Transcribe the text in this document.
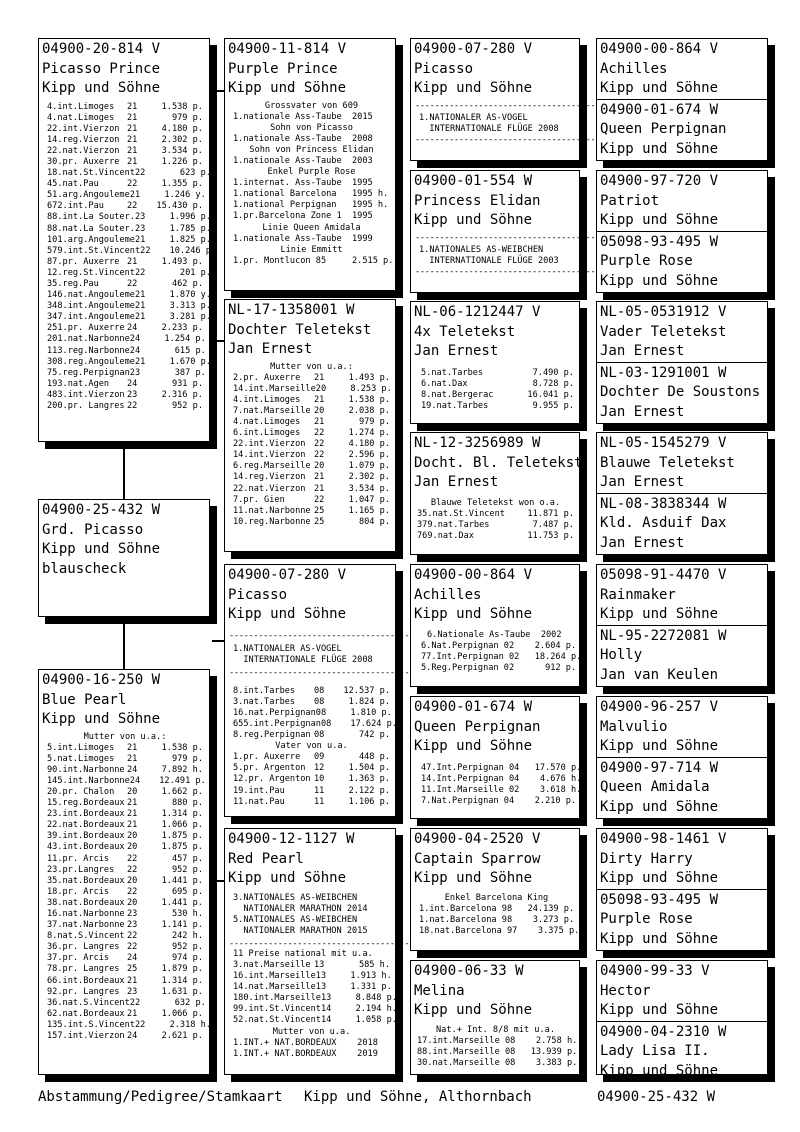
04900-20-814 V
Picasso Prince
Kipp und Söhne
4.int.Limoges	21	1.538 p.
4.nat.Limoges	21	979 p.
22.int.Vierzon 21	4.180 p.
14.reg.Vierzon 21	2.302 p.
22.nat.Vierzon 21	3.534 p.
30.pr. Auxerre 21	1.226 p.
18.nat.St.Vincent 22	623 p.
45.nat.Pau	22	1.355 p.
51.arg.Angouleme 21	1.246 y.
672.int.Pau	22	15.430 p.
88.int.La Souter. 23	1.996 p.
88.nat.La Souter. 23	1.785 p.
101.arg.Angouleme 21	1.825 p.
579.int.St.Vincent 22	10.246 p.
87.pr. Auxerre 21	1.493 p.
12.reg.St.Vincent 22	201 p.
35.reg.Pau	22	462 p.
146.nat.Angouleme 21	1.870 y.
348.int.Angouleme 21	3.313 p.
347.int.Angouleme 21	3.281 p.
251.pr. Auxerre 24	2.233 p.
201.nat.Narbonne 24	1.254 p.
113.reg.Narbonne 24	615 p.
308.reg.Angouleme 21	1.670 p.
75.reg.Perpignan 23	387 p.
193.nat.Agen	24	931 p.
483.int.Vierzon 23	2.316 p.
200.pr. Langres 22	952 p.
04900-25-432 W
Grd. Picasso
Kipp und Söhne
blauscheck
04900-16-250 W
Blue Pearl
Kipp und Söhne
Mutter von u.a.:
5.int.Limoges	21	1.538 p.
5.nat.Limoges	21	979 p.
90.int.Narbonne 24	7.892 h.
145.int.Narbonne 24	12.491 p.
20.pr. Chalon	20	1.662 p.
15.reg.Bordeaux 21	880 p.
23.int.Bordeaux 21	1.314 p.
22.nat.Bordeaux 21	1.066 p.
39.int.Bordeaux 20	1.875 p.
43.int.Bordeaux 20	1.875 p.
11.pr. Arcis	22	457 p.
23.pr.Langres	22	952 p.
35.nat.Bordeaux 20	1.441 p.
18.pr. Arcis	22	695 p.
38.nat.Bordeaux 20	1.441 p.
16.nat.Narbonne 23	530 h.
37.nat.Narbonne 23	1.141 p.
8.nat.S.Vincent 22	242 h.
36.pr. Langres 22	952 p.
37.pr. Arcis	24	974 p.
78.pr. Langres 25	1.879 p.
66.int.Bordeaux 21	1.314 p.
92.pr. Langres 23	1.631 p.
36.nat.S.Vincent 22	632 p.
62.nat.Bordeaux 21	1.066 p.
135.int.S.Vincent 22	2.318 h.
157.int.Vierzon 24	2.621 p.
04900-11-814 V
Purple Prince
Kipp und Söhne
Grossvater von 609
1.nationale Ass-Taube  2015
Sohn von Picasso
1.nationale Ass-Taube  2008
Sohn von Princess Elidan
1.nationale Ass-Taube  2003
Enkel Purple Rose
1.internat. Ass-Taube  1995
1.national Barcelona   1995 h.
1.national Perpignan   1995 h.
1.pr.Barcelona Zone 1  1995
Linie Queen Amidala
1.nationale Ass-Taube  1999
Linie Emmitt
1.pr. Montlucon 85     2.515 p.
NL-17-1358001 W
Dochter Teletekst
Jan Ernest
Mutter von u.a.:
2.pr. Auxerre	21	1.493 p.
14.int.Marseille 20	8.253 p.
4.int.Limoges	21	1.538 p.
7.nat.Marseille 20	2.038 p.
4.nat.Limoges	21	979 p.
6.int.Limoges	22	1.274 p.
22.int.Vierzon 22	4.180 p.
14.int.Vierzon 22	2.596 p.
6.reg.Marseille 20	1.079 p.
14.reg.Vierzon 21	2.302 p.
22.nat.Vierzon 21	3.534 p.
7.pr. Gien	22	1.047 p.
11.nat.Narbonne 25	1.165 p.
10.reg.Narbonne 25	804 p.
04900-07-280 V
Picasso
Kipp und Söhne
-------------------------------------
1.NATIONALER AS-VOGEL
INTERNATIONALE FLÜGE 2008
-------------------------------------
8.int.Tarbes	08	12.537 p.
3.nat.Tarbes	08	1.824 p.
16.nat.Perpignan 08	1.810 p.
655.int.Perpignan 08	17.624 p.
8.reg.Perpignan 08	742 p.
Vater von u.a.
1.pr. Auxerre	09	448 p.
5.pr. Argenton 12	1.504 p.
12.pr. Argenton 10	1.363 p.
19.int.Pau	11	2.122 p.
11.nat.Pau	11	1.106 p.
04900-12-1127 W
Red Pearl
Kipp und Söhne
3.NATIONALES AS-WEIBCHEN
NATIONALER MARATHON 2014
5.NATIONALES AS-WEIBCHEN
NATIONALER MARATHON 2015
-------------------------------------
11 Preise national mit u.a.
3.nat.Marseille 13	585 h.
16.int.Marseille 13	1.913 h.
14.nat.Marseille 13	1.331 p.
180.int.Marseille 13	8.848 p.
99.int.St.Vincent 14	2.194 h.
52.nat.St.Vincent 14	1.058 p.
Mutter von u.a.
1.INT.+ NAT.BORDEAUX    2018
1.INT.+ NAT.BORDEAUX    2019
04900-07-280 V
Picasso
Kipp und Söhne
-------------------------------------
1.NATIONALER AS-VOGEL
INTERNATIONALE FLÜGE 2008
-------------------------------------
04900-01-554 W
Princess Elidan
Kipp und Söhne
-------------------------------------
1.NATIONALES AS-WEIBCHEN
INTERNATIONALE FLÜGE 2003
-------------------------------------
NL-06-1212447 V
4x Teletekst
Jan Ernest
5.nat.Tarbes	7.490 p.
6.nat.Dax	8.728 p.
8.nat.Bergerac	16.041 p.
19.nat.Tarbes	9.955 p.
NL-12-3256989 W
Docht. Bl. Teletekst
Jan Ernest
Blauwe Teletekst won o.a.
35.nat.St.Vincent	11.871 p.
379.nat.Tarbes	7.487 p.
769.nat.Dax	11.753 p.
04900-00-864 V
Achilles
Kipp und Söhne
6.Nationale As-Taube  2002
6.Nat.Perpignan 02	2.604 p.
77.Int.Perpignan 02	18.264 p.
5.Reg.Perpignan 02	912 p.
04900-01-674 W
Queen Perpignan
Kipp und Söhne
47.Int.Perpignan 04	17.570 p.
14.Int.Perpignan 04	4.676 h.
11.Int.Marseille 02	3.618 h.
7.Nat.Perpignan 04	2.210 p.
04900-04-2520 V
Captain Sparrow
Kipp und Söhne
Enkel Barcelona King
1.int.Barcelona 98	24.139 p.
1.nat.Barcelona 98	3.273 p.
18.nat.Barcelona 97	3.375 p.
04900-06-33 W
Melina
Kipp und Söhne
Nat.+ Int. 8/8 mit u.a.
17.int.Marseille 08	2.758 h.
88.int.Marseille 08	13.939 p.
30.nat.Marseille 08	3.383 p.
04900-00-864 V
Achilles
Kipp und Söhne
04900-01-674 W
Queen Perpignan
Kipp und Söhne
04900-97-720 V
Patriot
Kipp und Söhne
05098-93-495 W
Purple Rose
Kipp und Söhne
NL-05-0531912 V
Vader Teletekst
Jan Ernest
NL-03-1291001 W
Dochter De Soustons
Jan Ernest
NL-05-1545279 V
Blauwe Teletekst
Jan Ernest
NL-08-3838344 W
Kld. Asduif Dax
Jan Ernest
05098-91-4470 V
Rainmaker
Kipp und Söhne
NL-95-2272081 W
Holly
Jan van Keulen
04900-96-257 V
Malvulio
Kipp und Söhne
04900-97-714 W
Queen Amidala
Kipp und Söhne
04900-98-1461 V
Dirty Harry
Kipp und Söhne
05098-93-495 W
Purple Rose
Kipp und Söhne
04900-99-33 V
Hector
Kipp und Söhne
04900-04-2310 W
Lady Lisa II.
Kipp und Söhne
Abstammung/Pedigree/Stamkaart Kipp und Söhne, Althornbach	04900-25-432 W
